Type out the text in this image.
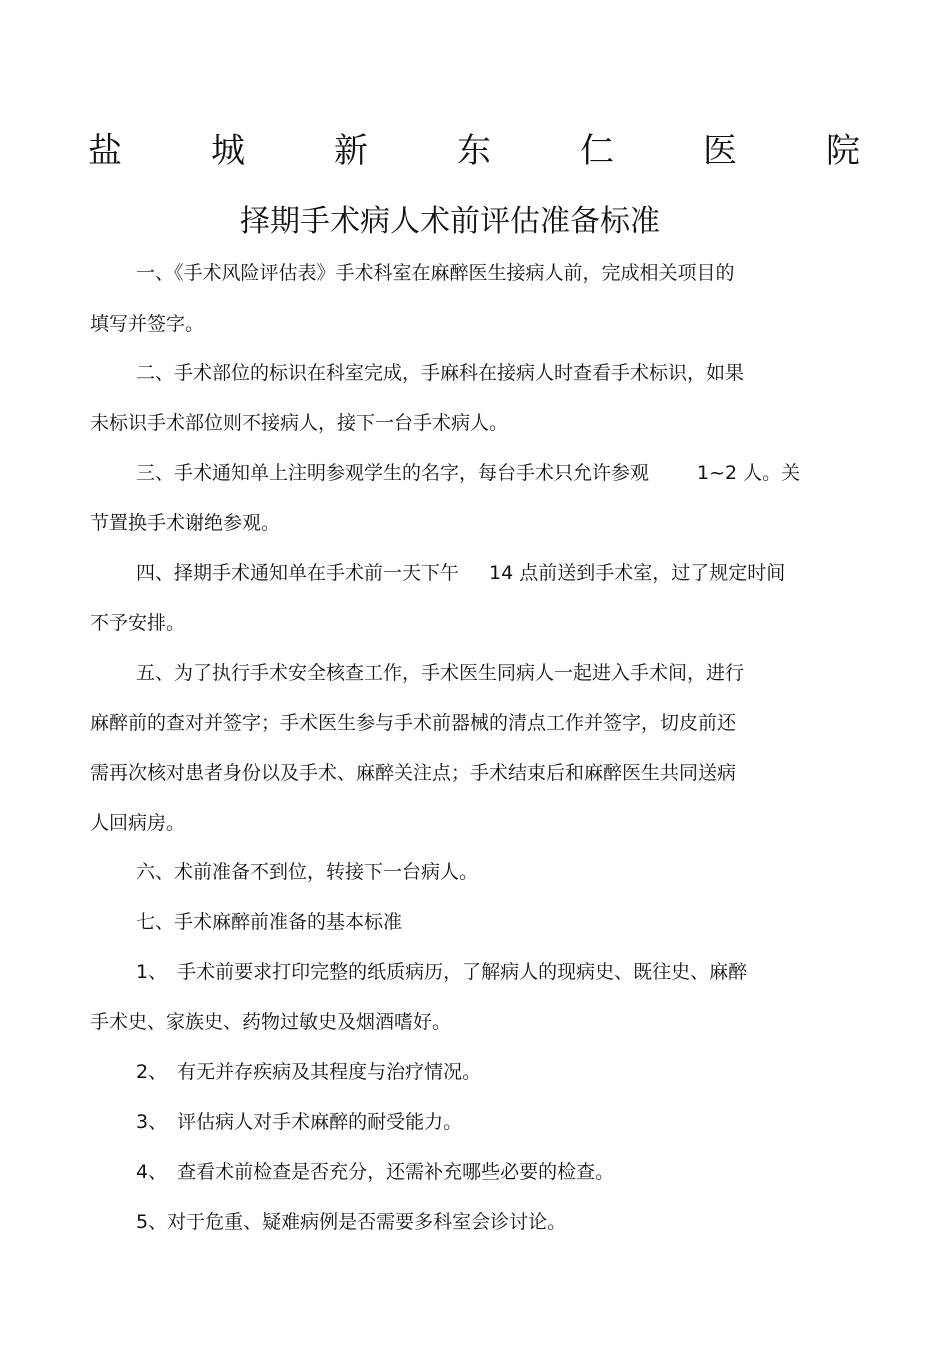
盐	城	新	东	仁	医	院
择期手术病人术前评估准备标准
一、《手术风险评估表》手术科室在麻醉医生接病人前，完成相关项目的
填写并签字。
二、手术部位的标识在科室完成，手麻科在接病人时查看手术标识，如果
未标识手术部位则不接病人，接下一台手术病人。
三、手术通知单上注明参观学生的名字，每台手术只允许参观	1~2 人。关
节置换手术谢绝参观。
四、择期手术通知单在手术前一天下午 14 点前送到手术室，过了规定时间
不予安排。
五、为了执行手术安全核查工作，手术医生同病人一起进入手术间，进行
麻醉前的查对并签字；手术医生参与手术前器械的清点工作并签字，切皮前还
需再次核对患者身份以及手术、麻醉关注点；手术结束后和麻醉医生共同送病
人回病房。
六、术前准备不到位，转接下一台病人。
七、手术麻醉前准备的基本标准
1、 手术前要求打印完整的纸质病历，了解病人的现病史、既往史、麻醉
手术史、家族史、药物过敏史及烟酒嗜好。
2、 有无并存疾病及其程度与治疗情况。
3、 评估病人对手术麻醉的耐受能力。
4、 查看术前检查是否充分，还需补充哪些必要的检查。
5、对于危重、疑难病例是否需要多科室会诊讨论。
